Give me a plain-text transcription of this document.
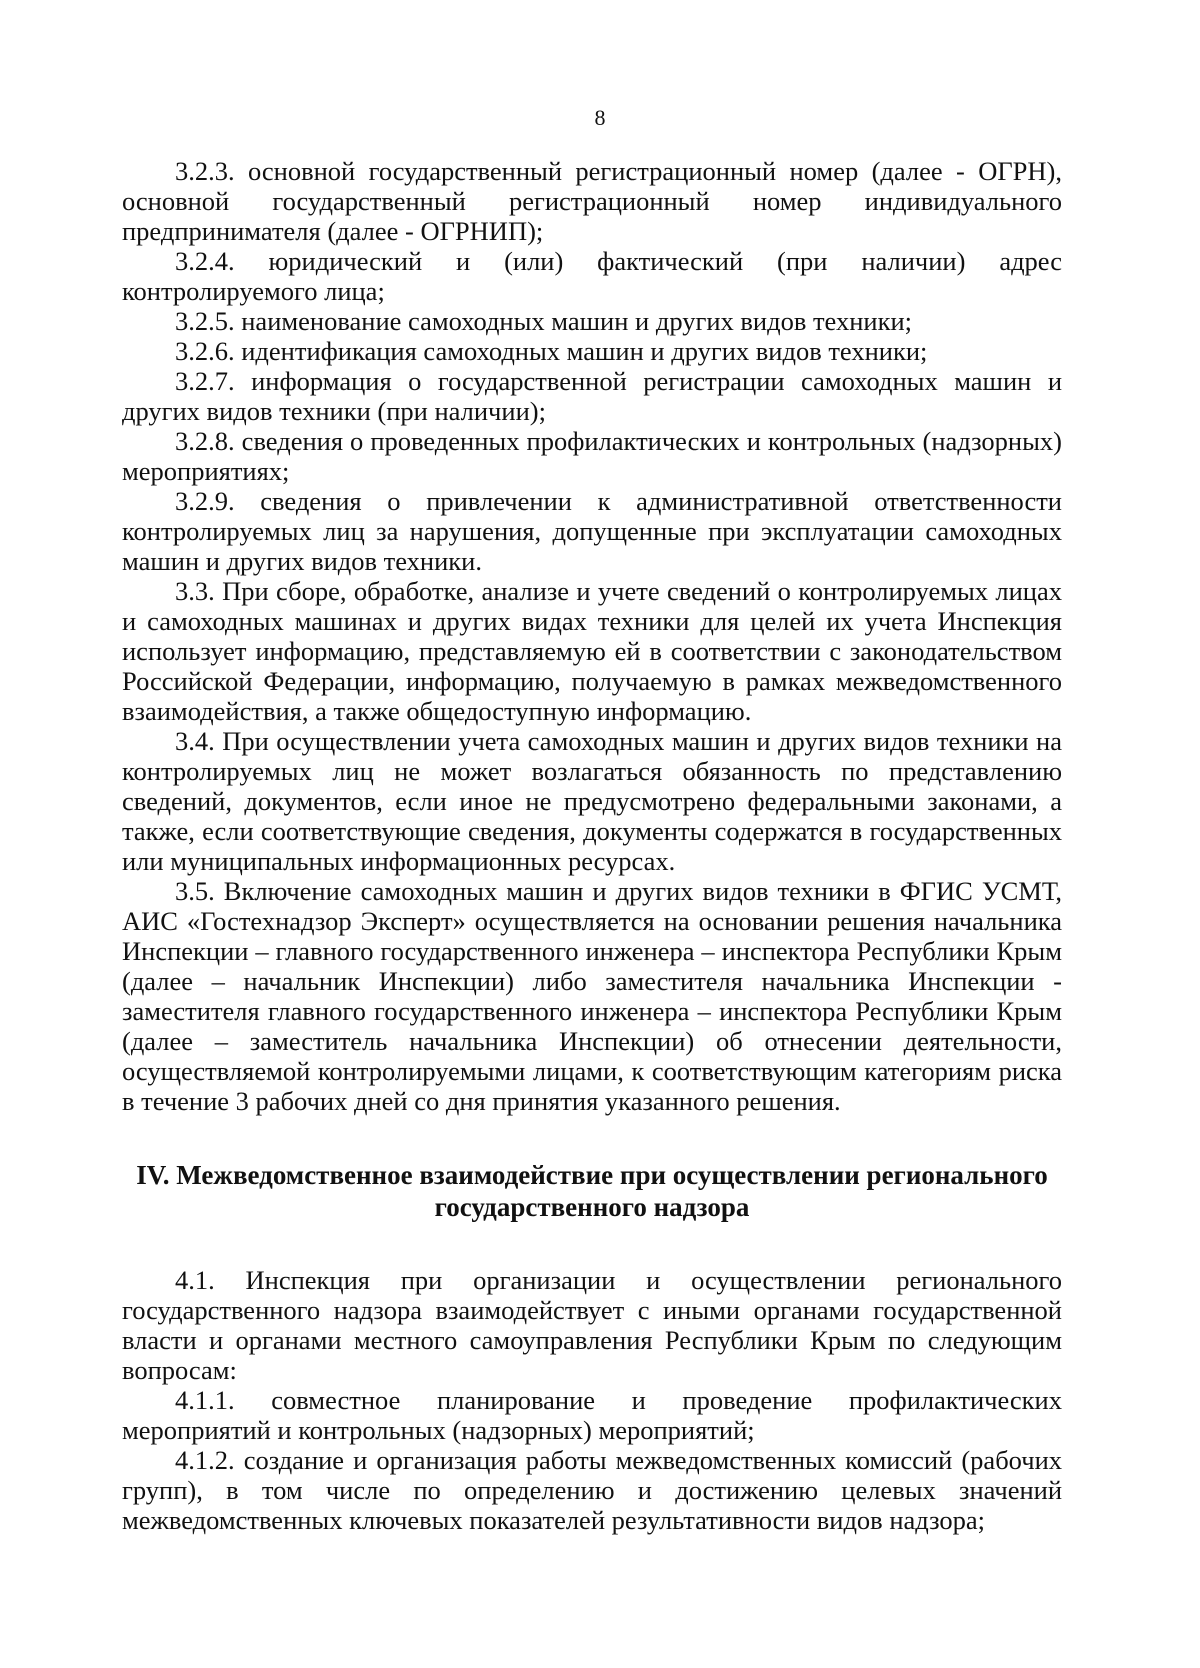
8

3.2.3. основной государственный регистрационный номер (далее - ОГРН), основной государственный регистрационный номер индивидуального предпринимателя (далее - ОГРНИП);

3.2.4. юридический и (или) фактический (при наличии) адрес контролируемого лица;

3.2.5. наименование самоходных машин и других видов техники;

3.2.6. идентификация самоходных машин и других видов техники;

3.2.7. информация о государственной регистрации самоходных машин и других видов техники (при наличии);

3.2.8. сведения о проведенных профилактических и контрольных (надзорных) мероприятиях;

3.2.9. сведения о привлечении к административной ответственности контролируемых лиц за нарушения, допущенные при эксплуатации самоходных машин и других видов техники.

3.3. При сборе, обработке, анализе и учете сведений о контролируемых лицах и самоходных машинах и других видах техники для целей их учета Инспекция использует информацию, представляемую ей в соответствии с законодательством Российской Федерации, информацию, получаемую в рамках межведомственного взаимодействия, а также общедоступную информацию.

3.4. При осуществлении учета самоходных машин и других видов техники на контролируемых лиц не может возлагаться обязанность по представлению сведений, документов, если иное не предусмотрено федеральными законами, а также, если соответствующие сведения, документы содержатся в государственных или муниципальных информационных ресурсах.

3.5. Включение самоходных машин и других видов техники в ФГИС УСМТ, АИС «Гостехнадзор Эксперт» осуществляется на основании решения начальника Инспекции – главного государственного инженера – инспектора Республики Крым (далее – начальник Инспекции) либо заместителя начальника Инспекции - заместителя главного государственного инженера – инспектора Республики Крым (далее – заместитель начальника Инспекции) об отнесении деятельности, осуществляемой контролируемыми лицами, к соответствующим категориям риска в течение 3 рабочих дней со дня принятия указанного решения.

IV. Межведомственное взаимодействие при осуществлении регионального государственного надзора

4.1. Инспекция при организации и осуществлении регионального государственного надзора взаимодействует с иными органами государственной власти и органами местного самоуправления Республики Крым по следующим вопросам:

4.1.1. совместное планирование и проведение профилактических мероприятий и контрольных (надзорных) мероприятий;

4.1.2. создание и организация работы межведомственных комиссий (рабочих групп), в том числе по определению и достижению целевых значений межведомственных ключевых показателей результативности видов надзора;
